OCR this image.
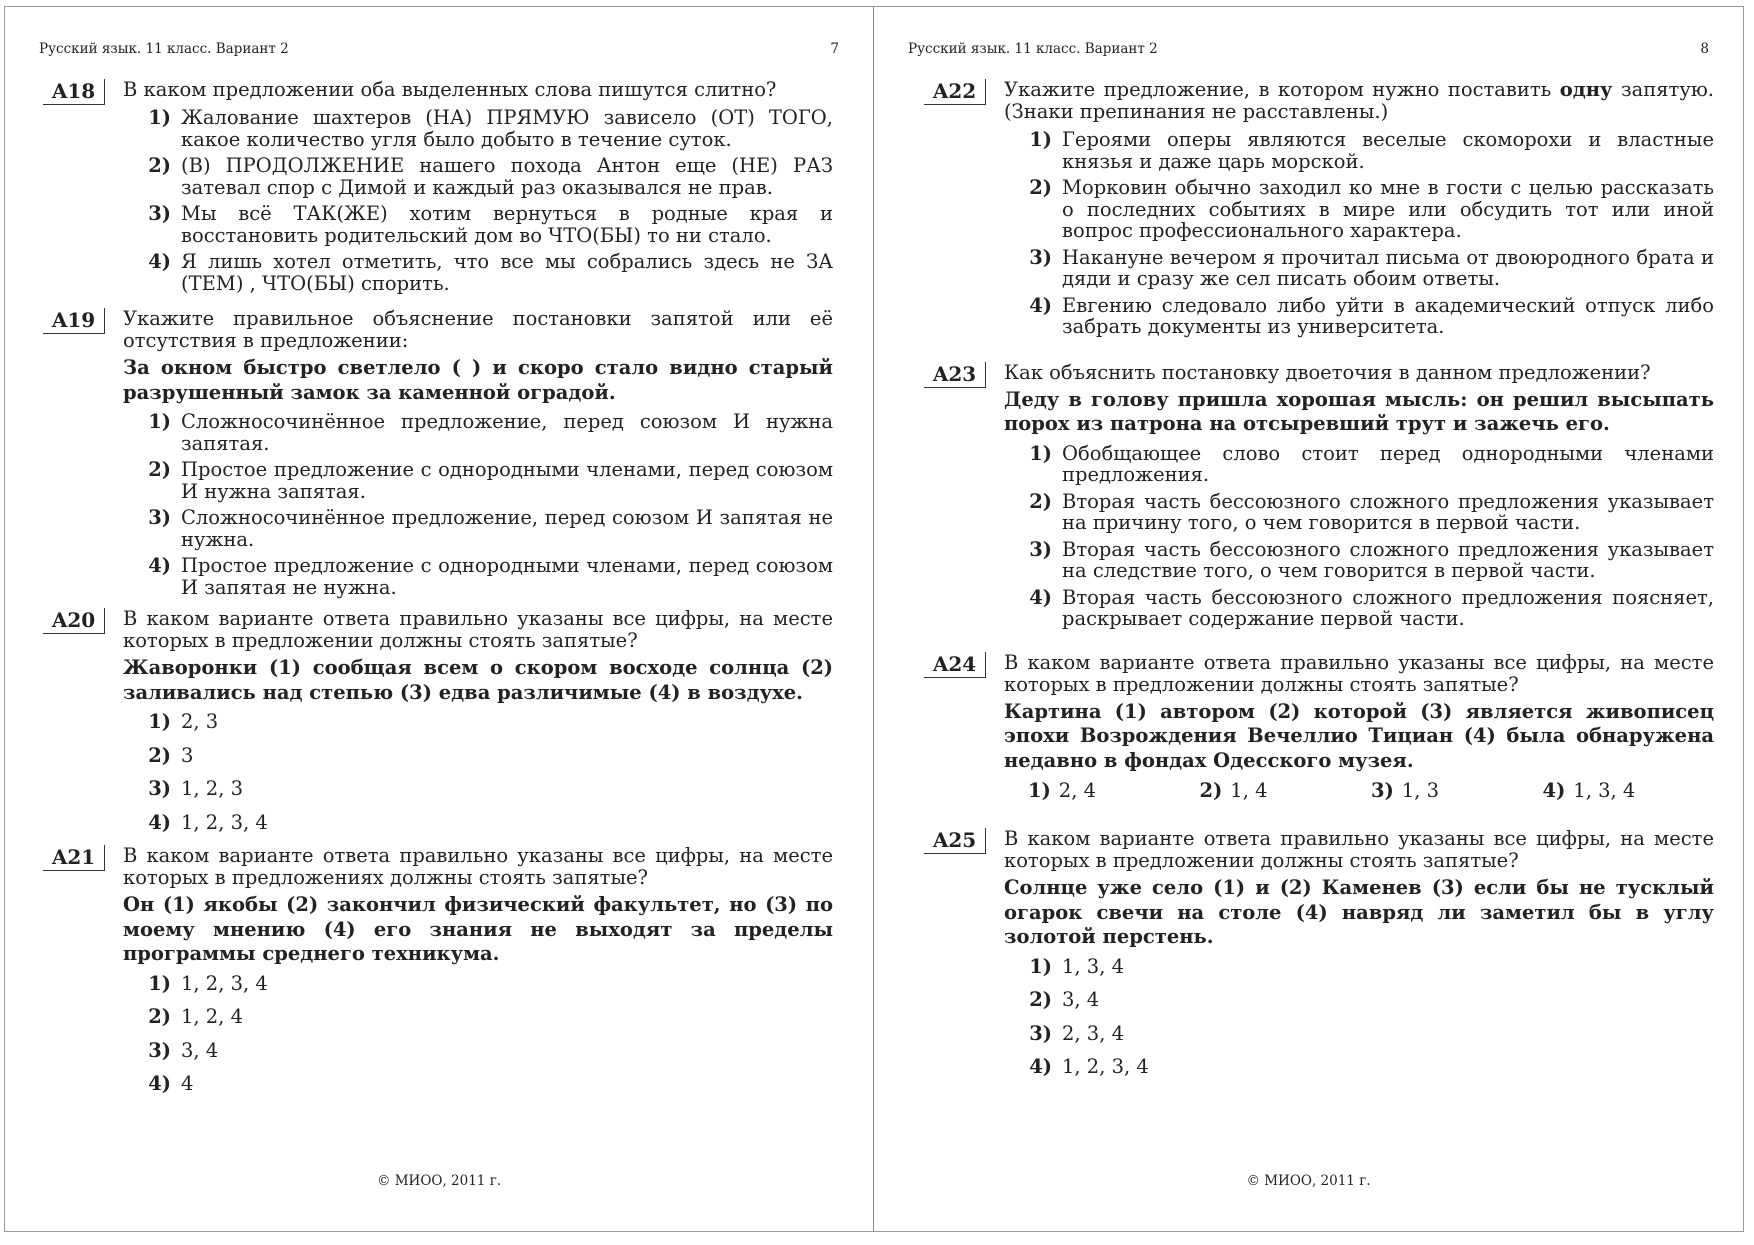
Русский язык. 11 класс. Вариант 2	7
A18	В каком предложении оба выделенных слова пишутся слитно?
1) Жалование шахтеров (НА) ПРЯМУЮ зависело (ОТ) ТОГО, какое количество угля было добыто в течение суток.
2) (В) ПРОДОЛЖЕНИЕ нашего похода Антон еще (НЕ) РАЗ затевал спор с Димой и каждый раз оказывался не прав.
3) Мы всё ТАК(ЖЕ) хотим вернуться в родные края и восстановить родительский дом во ЧТО(БЫ) то ни стало.
4) Я лишь хотел отметить, что все мы собрались здесь не ЗА (ТЕМ) , ЧТО(БЫ) спорить.
A19	Укажите правильное объяснение постановки запятой или её отсутствия в предложении:
За окном быстро светлело ( ) и скоро стало видно старый разрушенный замок за каменной оградой.
1) Сложносочинённое предложение, перед союзом И нужна запятая.
2) Простое предложение с однородными членами, перед союзом И нужна запятая.
3) Сложносочинённое предложение, перед союзом И запятая не нужна.
4) Простое предложение с однородными членами, перед союзом И запятая не нужна.
A20	В каком варианте ответа правильно указаны все цифры, на месте которых в предложении должны стоять запятые?
Жаворонки (1) сообщая всем о скором восходе солнца (2) заливались над степью (3) едва различимые (4) в воздухе.
1) 2, 3
2) 3
3) 1, 2, 3
4) 1, 2, 3, 4
A21	В каком варианте ответа правильно указаны все цифры, на месте которых в предложениях должны стоять запятые?
Он (1) якобы (2) закончил физический факультет, но (3) по моему мнению (4) его знания не выходят за пределы программы среднего техникума.
1) 1, 2, 3, 4
2) 1, 2, 4
3) 3, 4
4) 4
© МИОО, 2011 г.
Русский язык. 11 класс. Вариант 2	8
A22	Укажите предложение, в котором нужно поставить одну запятую. (Знаки препинания не расставлены.)
1) Героями оперы являются веселые скоморохи и властные князья и даже царь морской.
2) Морковин обычно заходил ко мне в гости с целью рассказать о последних событиях в мире или обсудить тот или иной вопрос профессионального характера.
3) Накануне вечером я прочитал письма от двоюродного брата и дяди и сразу же сел писать обоим ответы.
4) Евгению следовало либо уйти в академический отпуск либо забрать документы из университета.
A23	Как объяснить постановку двоеточия в данном предложении?
Деду в голову пришла хорошая мысль: он решил высыпать порох из патрона на отсыревший трут и зажечь его.
1) Обобщающее слово стоит перед однородными членами предложения.
2) Вторая часть бессоюзного сложного предложения указывает на причину того, о чем говорится в первой части.
3) Вторая часть бессоюзного сложного предложения указывает на следствие того, о чем говорится в первой части.
4) Вторая часть бессоюзного сложного предложения поясняет, раскрывает содержание первой части.
A24	В каком варианте ответа правильно указаны все цифры, на месте которых в предложении должны стоять запятые?
Картина (1) автором (2) которой (3) является живописец эпохи Возрождения Вечеллио Тициан (4) была обнаружена недавно в фондах Одесского музея.
1) 2, 4	2) 1, 4	3) 1, 3	4) 1, 3, 4
A25	В каком варианте ответа правильно указаны все цифры, на месте которых в предложении должны стоять запятые?
Солнце уже село (1) и (2) Каменев (3) если бы не тусклый огарок свечи на столе (4) навряд ли заметил бы в углу золотой перстень.
1) 1, 3, 4
2) 3, 4
3) 2, 3, 4
4) 1, 2, 3, 4
© МИОО, 2011 г.
